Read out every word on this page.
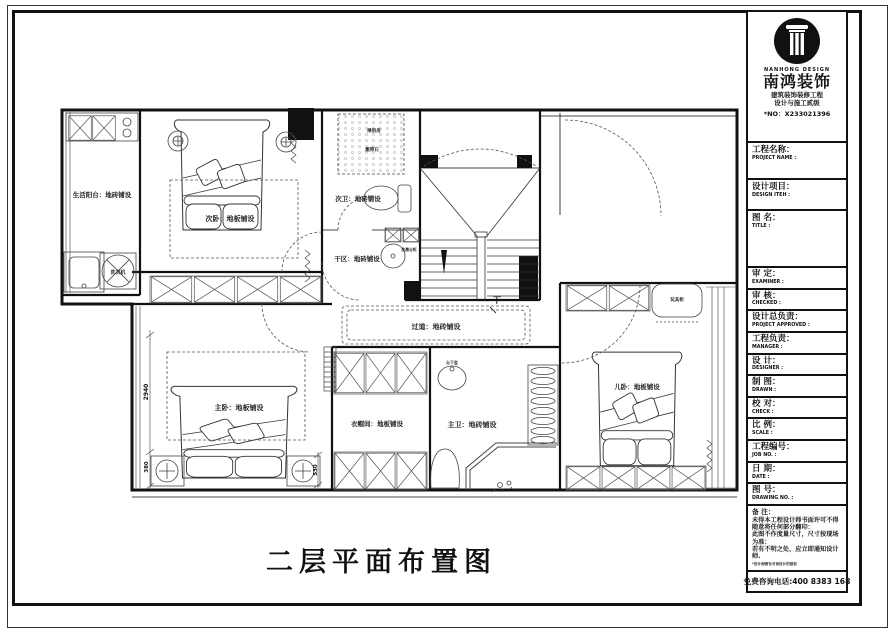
生活阳台：地砖铺设
次卧：地板铺设
次卫：地砖铺设
干区：地砖铺设
过道：地砖铺设
主卧：地板铺设
衣帽间：地板铺设	主卫：地砖铺设
儿卧：地板铺设
洗衣机
下
淋浴房
鹅卵石
洗漱台柜
台下盆
玩具柜
2940
380	530
二层平面布置图
NANHONG DESIGN
南鸿装饰
建筑装饰装修工程
设计与施工贰级
*NO：X233021396
工程名称：
PROJECT NAME :
设计项目：
DESIGN ITEH :
图 名：
TITLE :
审 定：
EXAMINER :
审 核：
CHECKED :
设计总负责：
PROJECT APPROVED :
工程负责：
MANAGER :
设 计：
DESIGNER :
制 图：
DRAWN :
校 对：
CHECK :
比 例：
SCALE :
工程编号：
JOB NO. :
日 期：
DATE :
图 号：
DRAWING NO. :
备 注：
未得本工程设计师书面许可不得
随意将任何部分翻印：
此图不作度量尺寸，尺寸按现场
为准：
若有不明之处，应立即通知设计
师.
*设计师拥有对该设计的版权
免费咨询电话:400 8383 168
